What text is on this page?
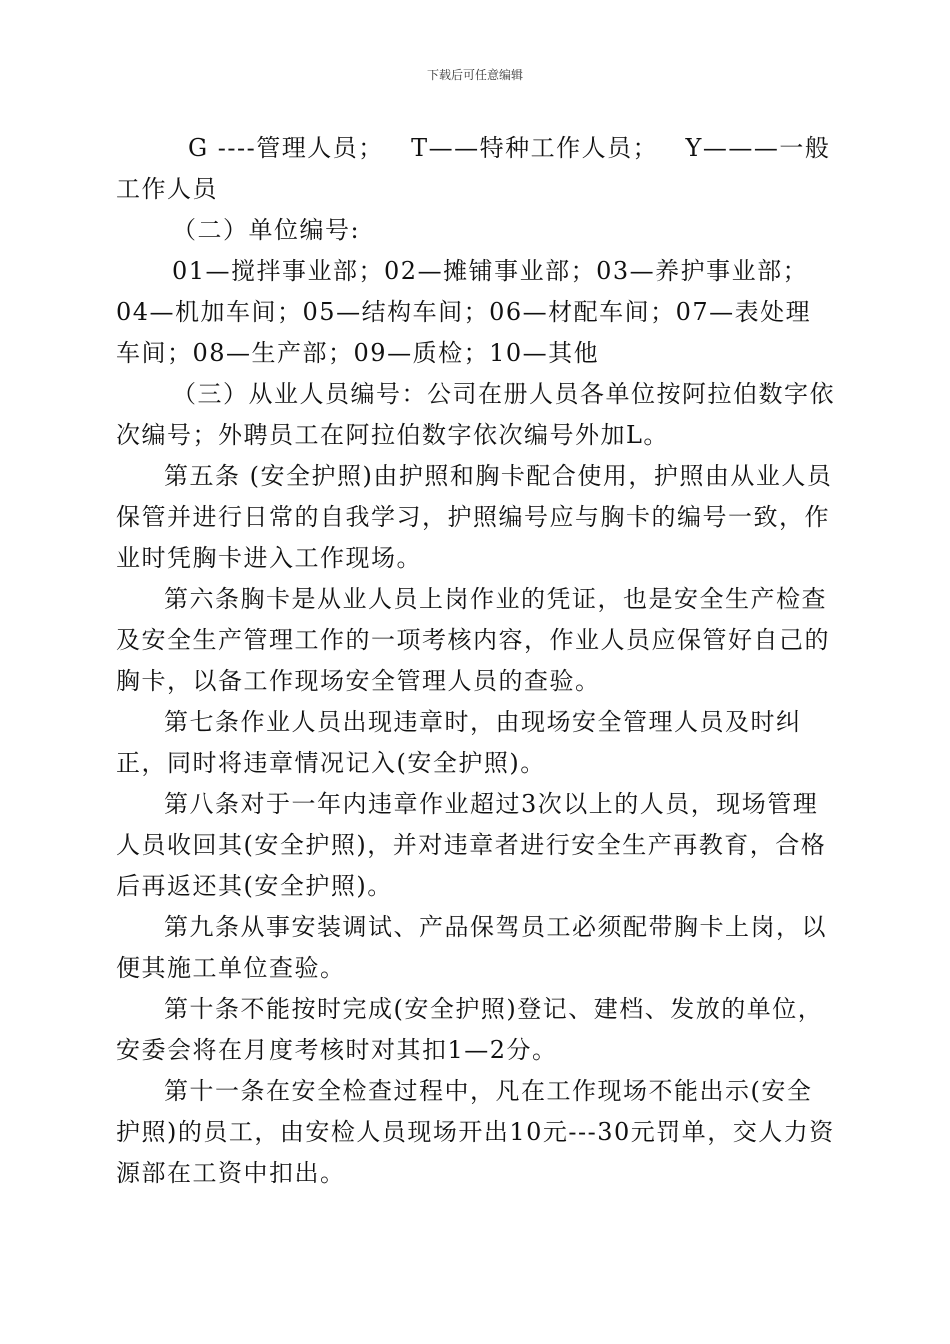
下载后可任意编辑

G ----管理人员；   T——特种工作人员；   Y———一般工作人员

（二）单位编号:

01—搅拌事业部；02—摊铺事业部；03—养护事业部；04—机加车间；05—结构车间；06—材配车间；07—表处理车间；08—生产部；09—质检；10—其他

（三）从业人员编号：公司在册人员各单位按阿拉伯数字依次编号；外聘员工在阿拉伯数字依次编号外加L。

第五条 (安全护照)由护照和胸卡配合使用，护照由从业人员保管并进行日常的自我学习，护照编号应与胸卡的编号一致，作业时凭胸卡进入工作现场。

第六条胸卡是从业人员上岗作业的凭证，也是安全生产检查及安全生产管理工作的一项考核内容，作业人员应保管好自己的胸卡，以备工作现场安全管理人员的查验。

第七条作业人员出现违章时，由现场安全管理人员及时纠正，同时将违章情况记入(安全护照)。

第八条对于一年内违章作业超过3次以上的人员，现场管理人员收回其(安全护照)，并对违章者进行安全生产再教育，合格后再返还其(安全护照)。

第九条从事安装调试、产品保驾员工必须配带胸卡上岗，以便其施工单位查验。

第十条不能按时完成(安全护照)登记、建档、发放的单位，安委会将在月度考核时对其扣1—2分。

第十一条在安全检查过程中，凡在工作现场不能出示(安全护照)的员工，由安检人员现场开出10元---30元罚单，交人力资源部在工资中扣出。
